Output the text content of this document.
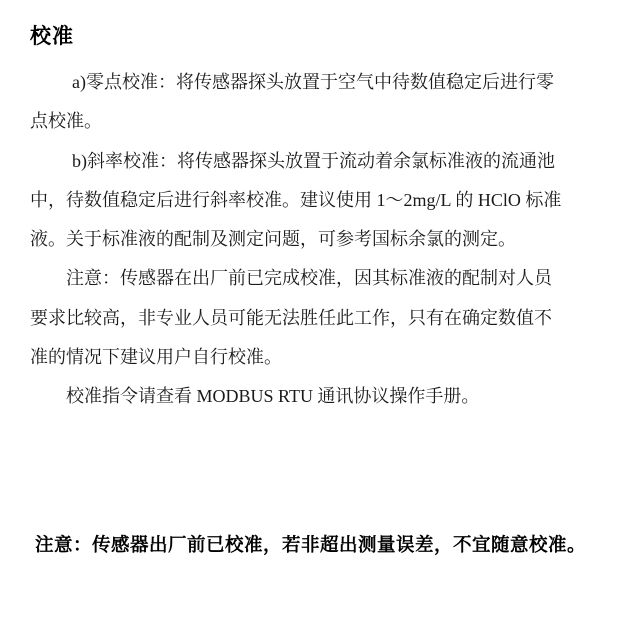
校准
a)零点校准：将传感器探头放置于空气中待数值稳定后进行零
点校准。
b)斜率校准：将传感器探头放置于流动着余氯标准液的流通池
中，待数值稳定后进行斜率校准。建议使用 1～2mg/L 的 HClO 标准
液。关于标准液的配制及测定问题，可参考国标余氯的测定。
注意：传感器在出厂前已完成校准，因其标准液的配制对人员
要求比较高，非专业人员可能无法胜任此工作，只有在确定数值不
准的情况下建议用户自行校准。
校准指令请查看 MODBUS RTU 通讯协议操作手册。
注意：传感器出厂前已校准，若非超出测量误差，不宜随意校准。
